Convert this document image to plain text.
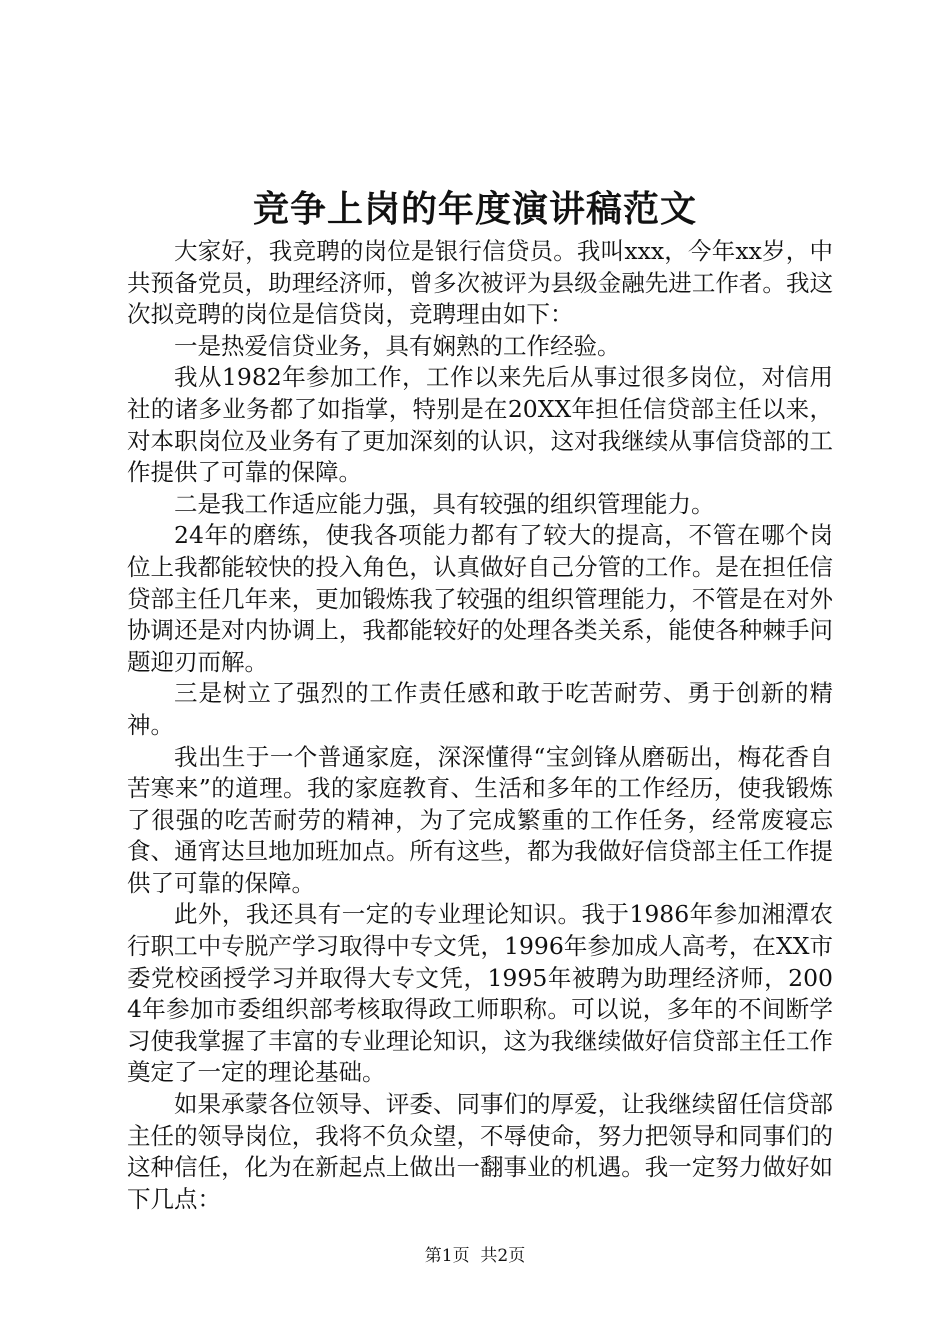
竞争上岗的年度演讲稿范文

大家好，我竞聘的岗位是银行信贷员。我叫xxx，今年xx岁，中共预备党员，助理经济师，曾多次被评为县级金融先进工作者。我这次拟竞聘的岗位是信贷岗，竞聘理由如下：

一是热爱信贷业务，具有娴熟的工作经验。

我从1982年参加工作，工作以来先后从事过很多岗位，对信用社的诸多业务都了如指掌，特别是在20XX年担任信贷部主任以来，对本职岗位及业务有了更加深刻的认识，这对我继续从事信贷部的工作提供了可靠的保障。

二是我工作适应能力强，具有较强的组织管理能力。

24年的磨练，使我各项能力都有了较大的提高，不管在哪个岗位上我都能较快的投入角色，认真做好自己分管的工作。是在担任信贷部主任几年来，更加锻炼我了较强的组织管理能力，不管是在对外协调还是对内协调上，我都能较好的处理各类关系，能使各种棘手问题迎刃而解。

三是树立了强烈的工作责任感和敢于吃苦耐劳、勇于创新的精神。

我出生于一个普通家庭，深深懂得“宝剑锋从磨砺出，梅花香自苦寒来”的道理。我的家庭教育、生活和多年的工作经历，使我锻炼了很强的吃苦耐劳的精神，为了完成繁重的工作任务，经常废寝忘食、通宵达旦地加班加点。所有这些，都为我做好信贷部主任工作提供了可靠的保障。

此外，我还具有一定的专业理论知识。我于1986年参加湘潭农行职工中专脱产学习取得中专文凭，1996年参加成人高考，在XX市委党校函授学习并取得大专文凭，1995年被聘为助理经济师，2004年参加市委组织部考核取得政工师职称。可以说，多年的不间断学习使我掌握了丰富的专业理论知识，这为我继续做好信贷部主任工作奠定了一定的理论基础。

如果承蒙各位领导、评委、同事们的厚爱，让我继续留任信贷部主任的领导岗位，我将不负众望，不辱使命，努力把领导和同事们的这种信任，化为在新起点上做出一翻事业的机遇。我一定努力做好如下几点：

第1页 共2页
